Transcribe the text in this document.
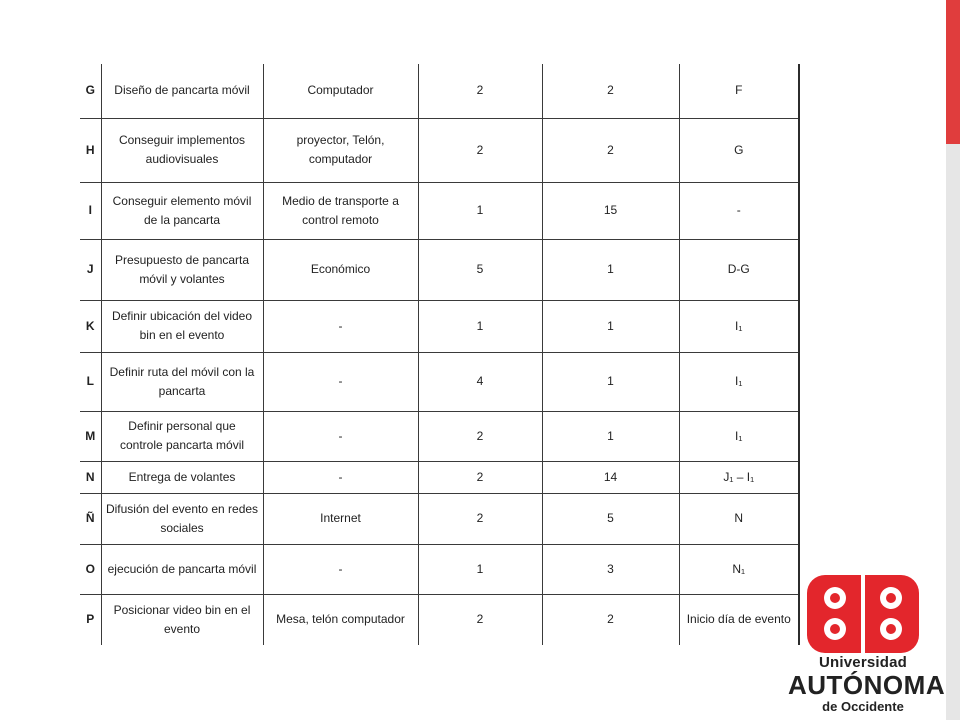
G	Diseño de pancarta móvil	Computador	2	2	F
H	Conseguir implementos audiovisuales	proyector, Telón, computador	2	2	G
I	Conseguir elemento móvil de la pancarta	Medio de transporte a control remoto	1	15	-
J	Presupuesto de pancarta móvil y volantes	Económico	5	1	D-G
K	Definir ubicación del video bin en el evento	-	1	1	I₁
L	Definir ruta del móvil con la pancarta	-	4	1	I₁
M	Definir personal que controle pancarta móvil	-	2	1	I₁
N	Entrega de volantes	-	2	14	J₁ – I₁
Ñ	Difusión del evento en redes sociales	Internet	2	5	N
O	ejecución de pancarta móvil	-	1	3	N₁
P	Posicionar video bin en el evento	Mesa, telón computador	2	2	Inicio día de evento
Universidad
AUTÓNOMA
de Occidente
